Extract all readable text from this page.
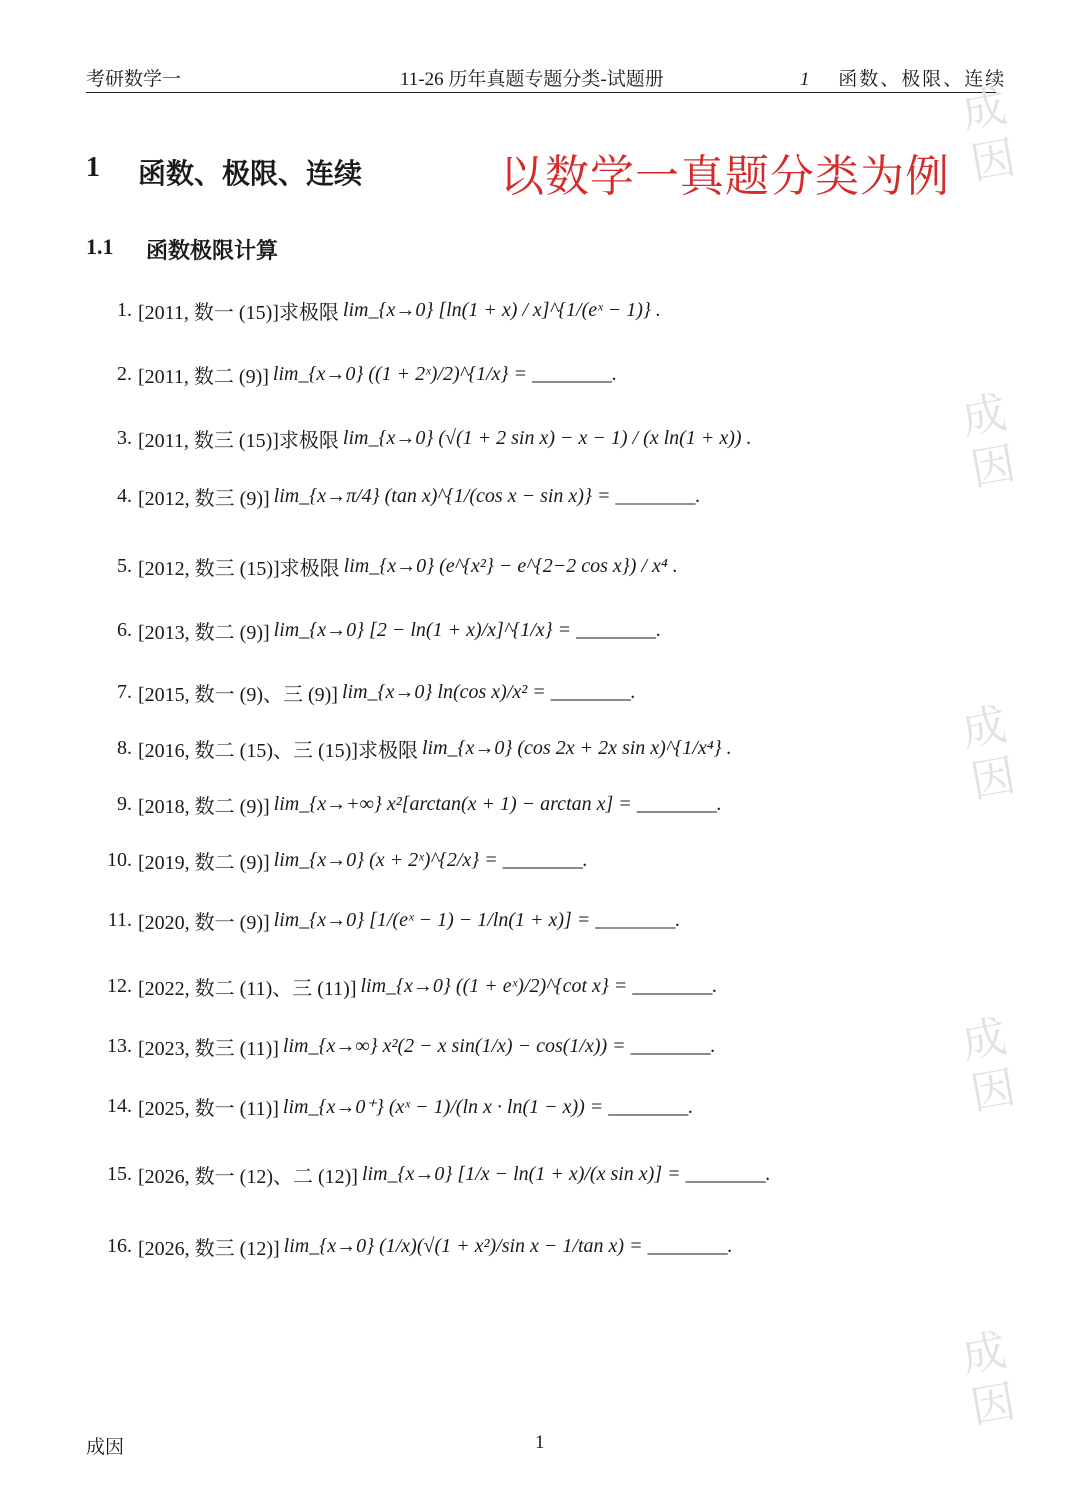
考研数学一	11-26 历年真题专题分类-试题册	1 函数、极限、连续
成因
成因
成因
成因
成因
1 函数、极限、连续	以数学一真题分类为例
1.1 函数极限计算
1. [2011, 数一 (15)]求极限 lim_{x→0} [ln(1 + x) / x]^{1/(eˣ − 1)} .
2. [2011, 数二 (9)] lim_{x→0} ((1 + 2ˣ)/2)^{1/x} = ________.
3. [2011, 数三 (15)]求极限 lim_{x→0} (√(1 + 2 sin x) − x − 1) / (x ln(1 + x)) .
4. [2012, 数三 (9)] lim_{x→π/4} (tan x)^{1/(cos x − sin x)} = ________.
5. [2012, 数三 (15)]求极限 lim_{x→0} (e^{x²} − e^{2−2 cos x}) / x⁴ .
6. [2013, 数二 (9)] lim_{x→0} [2 − ln(1 + x)/x]^{1/x} = ________.
7. [2015, 数一 (9)、三 (9)] lim_{x→0} ln(cos x)/x² = ________.
8. [2016, 数二 (15)、三 (15)]求极限 lim_{x→0} (cos 2x + 2x sin x)^{1/x⁴} .
9. [2018, 数二 (9)] lim_{x→+∞} x²[arctan(x + 1) − arctan x] = ________.
10. [2019, 数二 (9)] lim_{x→0} (x + 2ˣ)^{2/x} = ________.
11. [2020, 数一 (9)] lim_{x→0} [1/(eˣ − 1) − 1/ln(1 + x)] = ________.
12. [2022, 数二 (11)、三 (11)] lim_{x→0} ((1 + eˣ)/2)^{cot x} = ________.
13. [2023, 数三 (11)] lim_{x→∞} x²(2 − x sin(1/x) − cos(1/x)) = ________.
14. [2025, 数一 (11)] lim_{x→0⁺} (xˣ − 1)/(ln x · ln(1 − x)) = ________.
15. [2026, 数一 (12)、二 (12)] lim_{x→0} [1/x − ln(1 + x)/(x sin x)] = ________.
16. [2026, 数三 (12)] lim_{x→0} (1/x)(√(1 + x²)/sin x − 1/tan x) = ________.
成因	1
